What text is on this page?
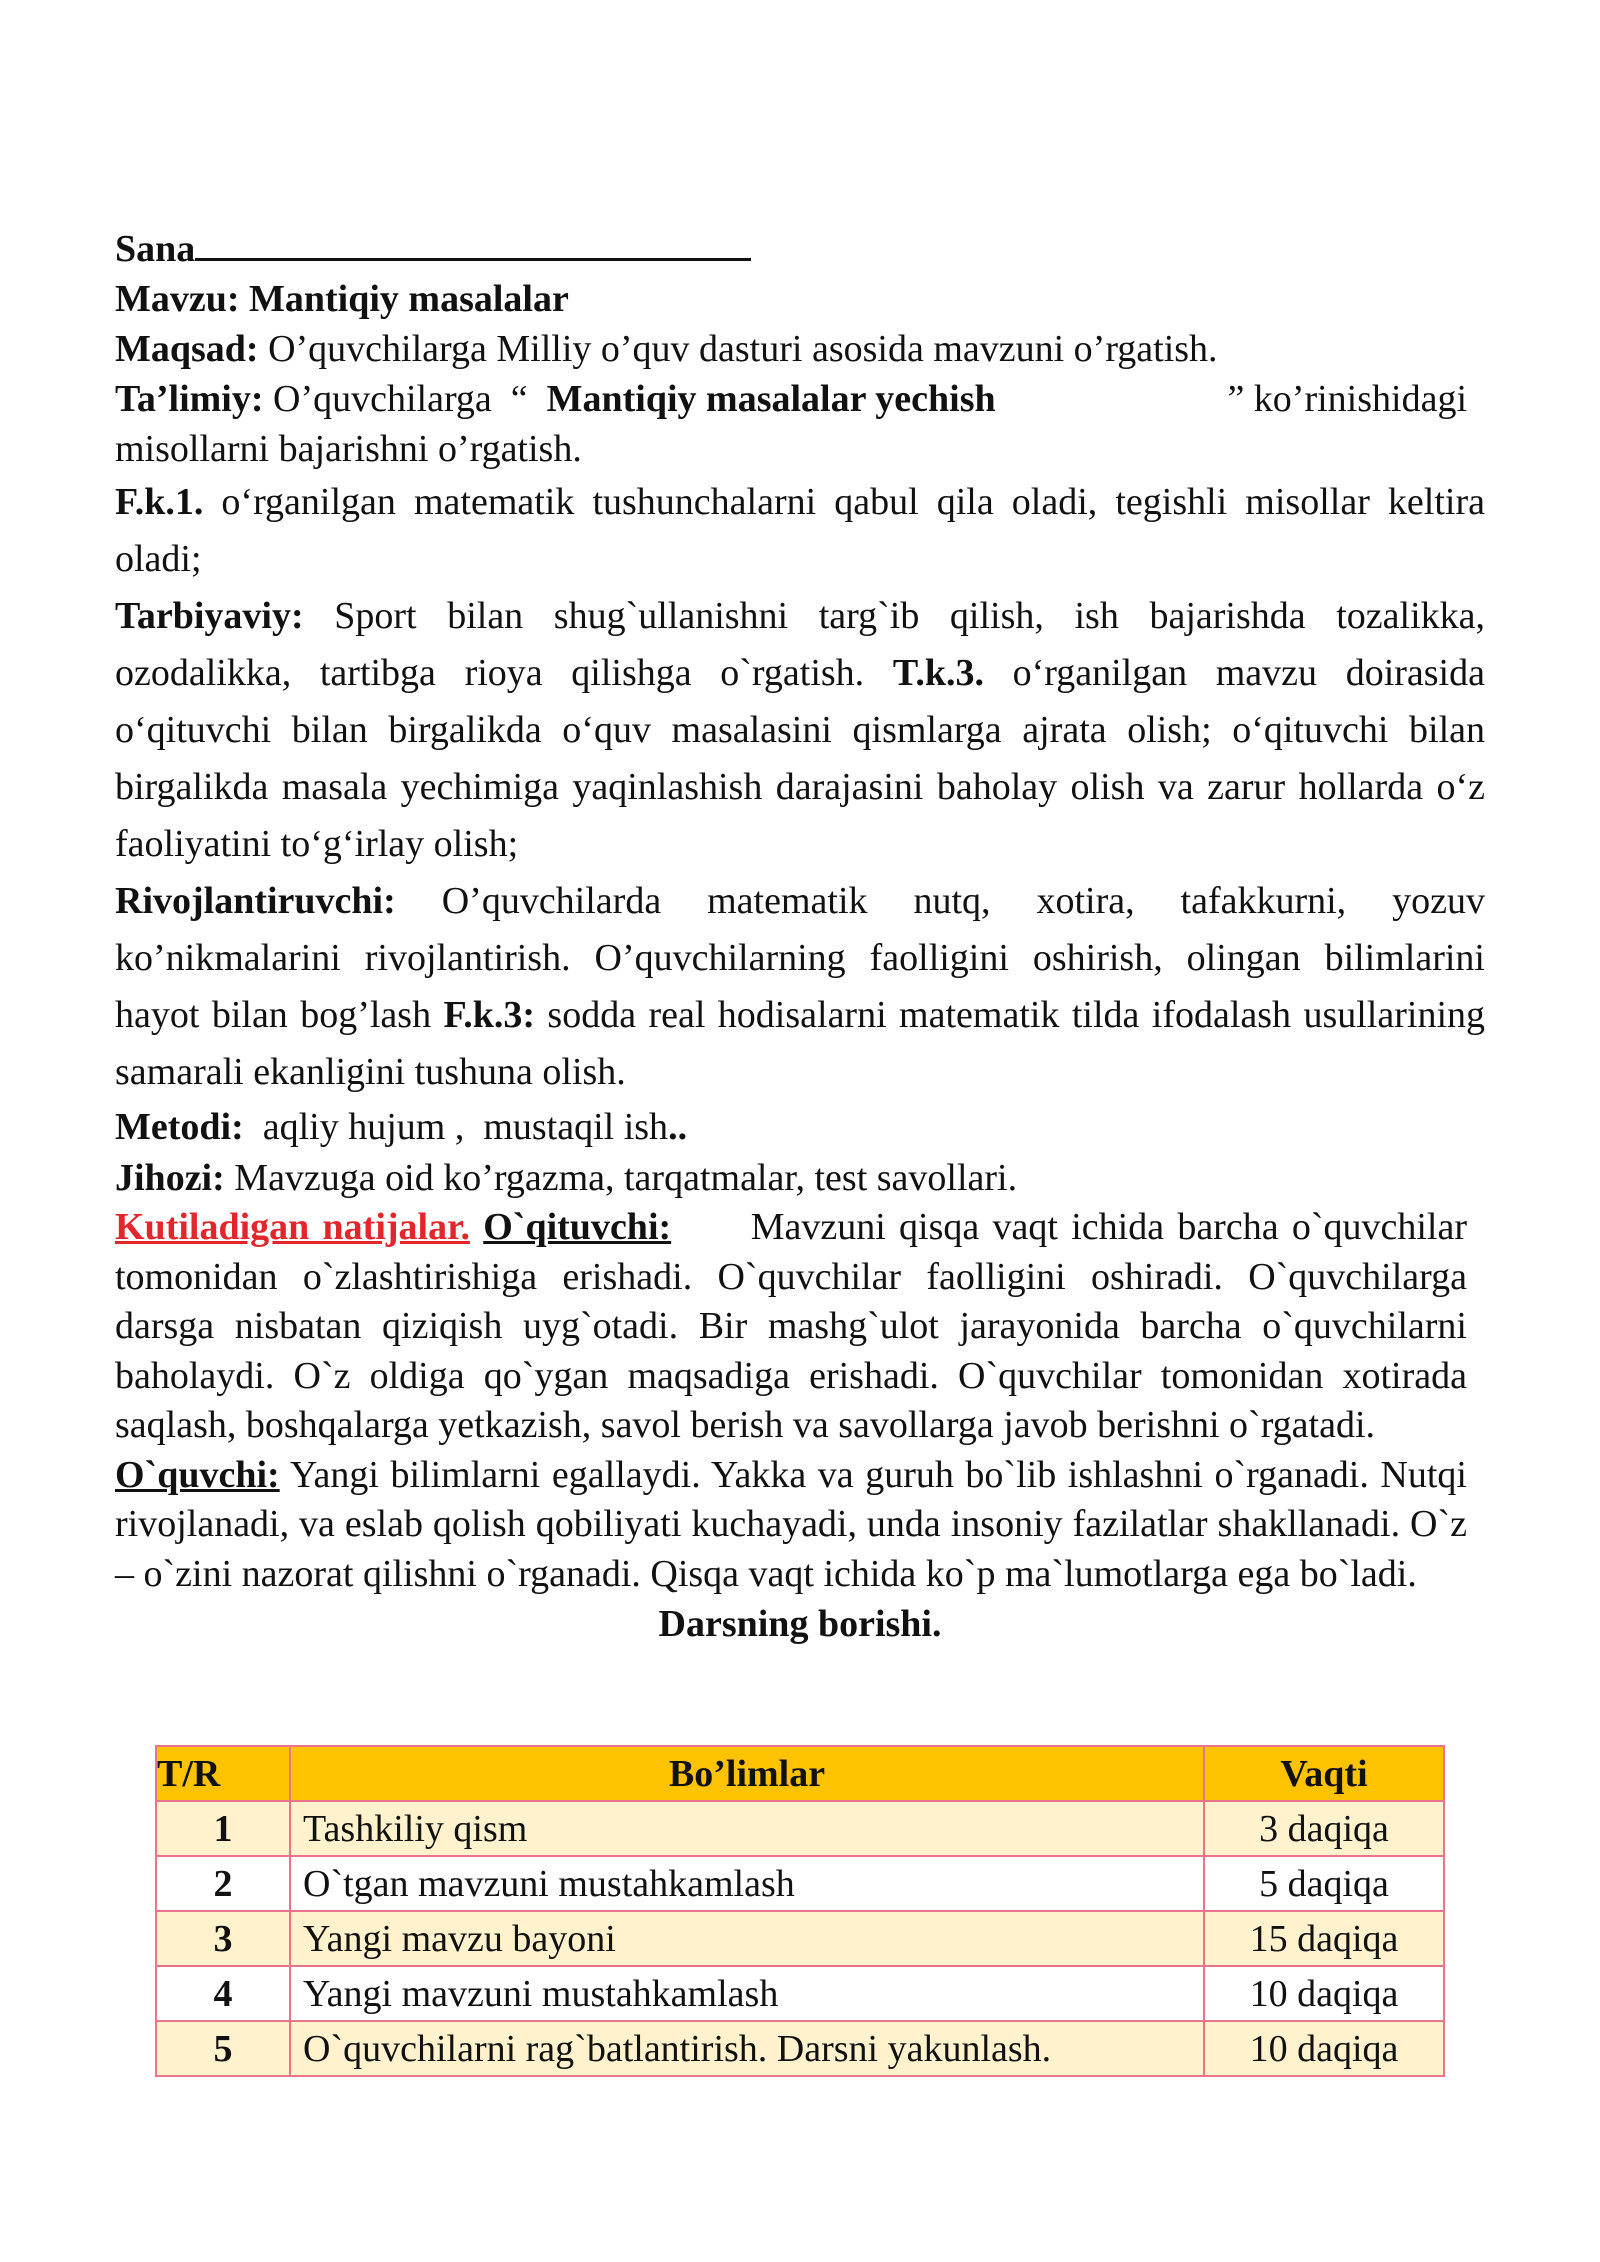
Sana
Mavzu: Mantiqiy masalalar
Maqsad: O’quvchilarga Milliy o’quv dasturi asosida mavzuni o’rgatish.
Ta’limiy: O’quvchilarga  “  Mantiqiy masalalar yechish	” ko’rinishidagi
misollarni bajarishni o’rgatish.
F.k.1. o‘rganilgan matematik tushunchalarni qabul qila oladi, tegishli misollar keltira oladi;
Tarbiyaviy: Sport bilan shug`ullanishni targ`ib qilish, ish bajarishda tozalikka, ozodalikka, tartibga rioya qilishga o`rgatish. T.k.3. o‘rganilgan mavzu doirasida o‘qituvchi bilan birgalikda o‘quv masalasini qismlarga ajrata olish; o‘qituvchi bilan birgalikda masala yechimiga yaqinlashish darajasini baholay olish va zarur hollarda o‘z faoliyatini to‘g‘irlay olish;
Rivojlantiruvchi: O’quvchilarda matematik nutq, xotira, tafakkurni, yozuv ko’nikmalarini rivojlantirish. O’quvchilarning faolligini oshirish, olingan bilimlarini hayot bilan bog’lash F.k.3: sodda real hodisalarni matematik tilda ifodalash usullarining samarali ekanligini tushuna olish.
Metodi:  aqliy hujum ,  mustaqil ish..
Jihozi: Mavzuga oid ko’rgazma, tarqatmalar, test savollari.
Kutiladigan natijalar. O`qituvchi:      Mavzuni qisqa vaqt ichida barcha o`quvchilar tomonidan o`zlashtirishiga erishadi. O`quvchilar faolligini oshiradi. O`quvchilarga darsga nisbatan qiziqish uyg`otadi. Bir mashg`ulot jarayonida barcha o`quvchilarni baholaydi. O`z oldiga qo`ygan maqsadiga erishadi. O`quvchilar tomonidan xotirada saqlash, boshqalarga yetkazish, savol berish va savollarga javob berishni o`rgatadi.
O`quvchi: Yangi bilimlarni egallaydi. Yakka va guruh bo`lib ishlashni o`rganadi. Nutqi rivojlanadi, va eslab qolish qobiliyati kuchayadi, unda insoniy fazilatlar shakllanadi. O`z – o`zini nazorat qilishni o`rganadi. Qisqa vaqt ichida ko`p ma`lumotlarga ega bo`ladi.
Darsning borishi.
T/R	Bo’limlar	Vaqti
1	Tashkiliy qism	3 daqiqa
2	O`tgan mavzuni mustahkamlash	5 daqiqa
3	Yangi mavzu bayoni	15 daqiqa
4	Yangi mavzuni mustahkamlash	10 daqiqa
5	O`quvchilarni rag`batlantirish. Darsni yakunlash.	10 daqiqa
